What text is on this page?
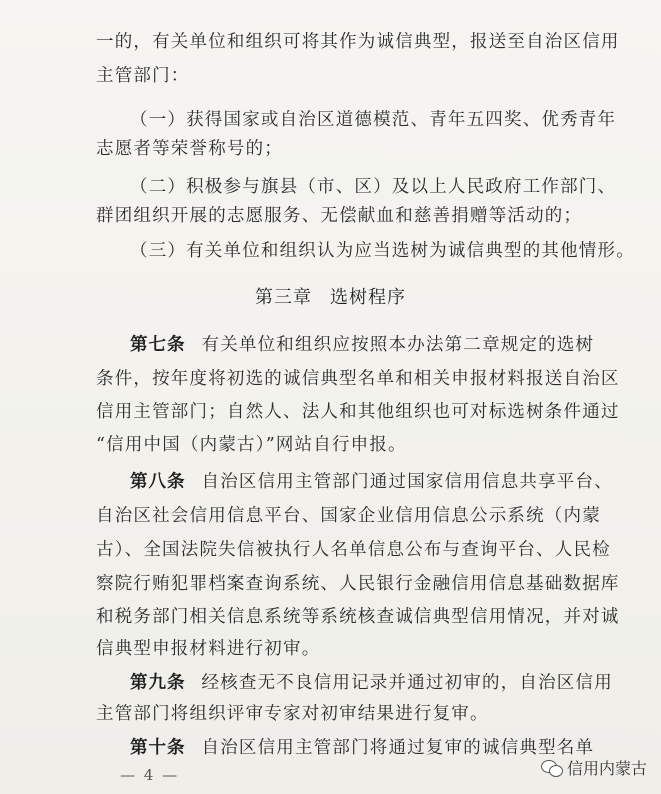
一的，有关单位和组织可将其作为诚信典型，报送至自治区信用
主管部门：
（一）获得国家或自治区道德模范、青年五四奖、优秀青年
志愿者等荣誉称号的；
（二）积极参与旗县（市、区）及以上人民政府工作部门、
群团组织开展的志愿服务、无偿献血和慈善捐赠等活动的；
（三）有关单位和组织认为应当选树为诚信典型的其他情形。
第三章 选树程序
第七条 有关单位和组织应按照本办法第二章规定的选树
条件，按年度将初选的诚信典型名单和相关申报材料报送自治区
信用主管部门；自然人、法人和其他组织也可对标选树条件通过
“信用中国（内蒙古）”网站自行申报。
第八条 自治区信用主管部门通过国家信用信息共享平台、
自治区社会信用信息平台、国家企业信用信息公示系统（内蒙
古）、全国法院失信被执行人名单信息公布与查询平台、人民检
察院行贿犯罪档案查询系统、人民银行金融信用信息基础数据库
和税务部门相关信息系统等系统核查诚信典型信用情况，并对诚
信典型申报材料进行初审。
第九条 经核查无不良信用记录并通过初审的，自治区信用
主管部门将组织评审专家对初审结果进行复审。
第十条 自治区信用主管部门将通过复审的诚信典型名单
— 4 —	信用内蒙古
